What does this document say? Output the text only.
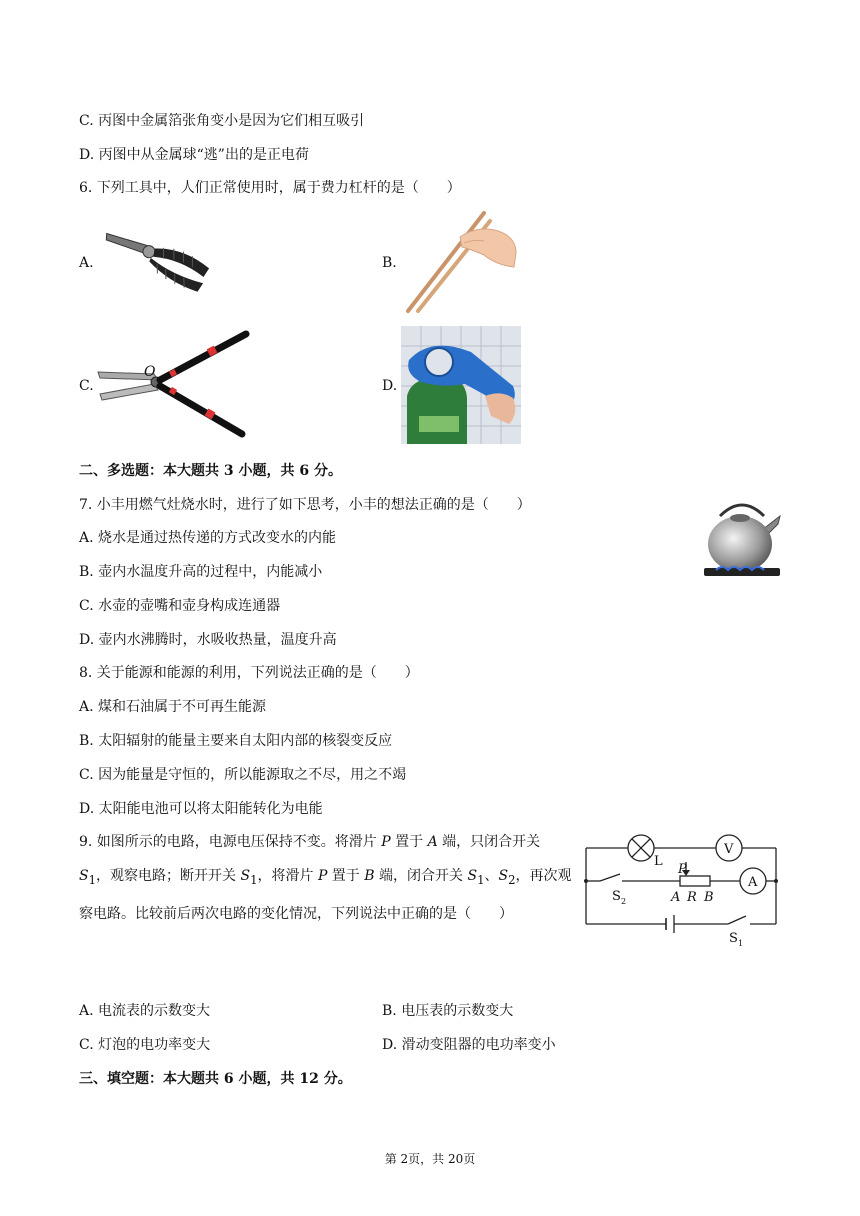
C. 丙图中金属箔张角变小是因为它们相互吸引
D. 丙图中从金属球“逃”出的是正电荷
6. 下列工具中，人们正常使用时，属于费力杠杆的是（　　）
A.	B.
C.
O
D.
二、多选题：本大题共 3 小题，共 6 分。
7. 小丰用燃气灶烧水时，进行了如下思考，小丰的想法正确的是（　　）
A. 烧水是通过热传递的方式改变水的内能
B. 壶内水温度升高的过程中，内能减小
C. 水壶的壶嘴和壶身构成连通器
D. 壶内水沸腾时，水吸收热量，温度升高
8. 关于能源和能源的利用，下列说法正确的是（　　）
A. 煤和石油属于不可再生能源
B. 太阳辐射的能量主要来自太阳内部的核裂变反应
C. 因为能量是守恒的，所以能源取之不尽，用之不竭
D. 太阳能电池可以将太阳能转化为电能
9. 如图所示的电路，电源电压保持不变。将滑片 P 置于 A 端，只闭合开关
$S_1$，观察电路；断开开关 $S_1$，将滑片 P 置于 B 端，闭合开关 $S_1$、$S_2$，再次观
察电路。比较前后两次电路的变化情况，下列说法中正确的是（　　）
L
P
A R B
V
A
S 2
S 1
A. 电流表的示数变大	B. 电压表的示数变大
C. 灯泡的电功率变大	D. 滑动变阻器的电功率变小
三、填空题：本大题共 6 小题，共 12 分。
第 2页，共 20页
